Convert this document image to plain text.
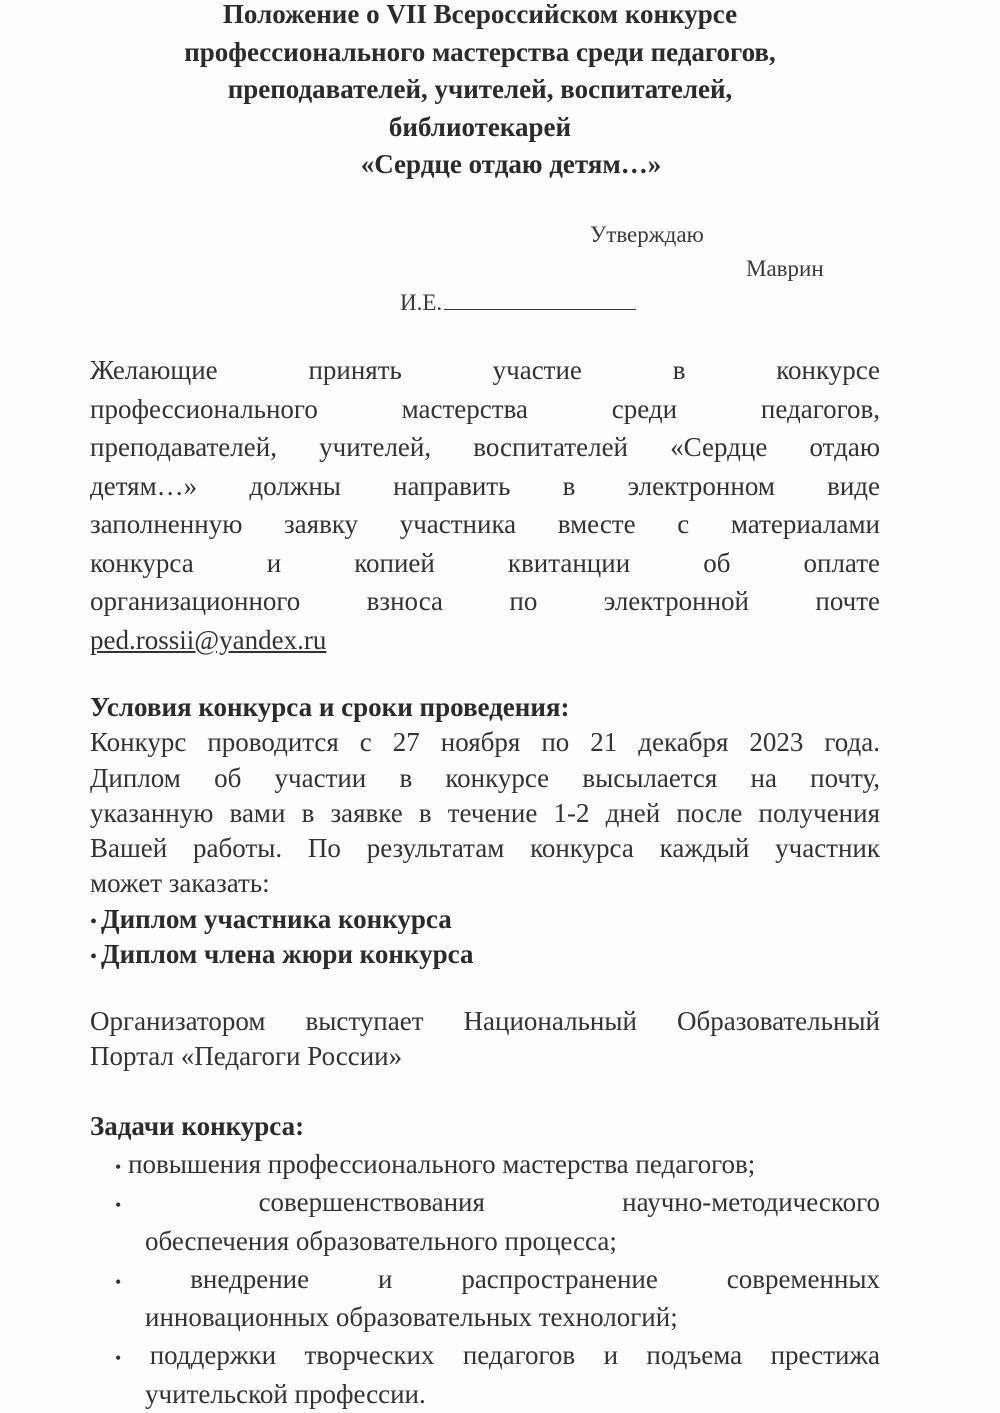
Положение о VII Всероссийском конкурсе
профессионального мастерства среди педагогов,
преподавателей, учителей, воспитателей,
библиотекарей
«Сердце отдаю детям…»
Утверждаю
Маврин
И.Е.
Желающие принять участие в конкурсе
профессионального мастерства среди педагогов,
преподавателей, учителей, воспитателей «Сердце отдаю
детям…» должны направить в электронном виде
заполненную заявку участника вместе с материалами
конкурса и копией квитанции об оплате
организационного взноса по электронной почте
ped.rossii@yandex.ru
Условия конкурса и сроки проведения:
Конкурс проводится с 27 ноября по 21 декабря 2023 года.
Диплом об участии в конкурсе высылается на почту,
указанную вами в заявке в течение 1-2 дней после получения
Вашей работы. По результатам конкурса каждый участник
может заказать:
• Диплом участника конкурса
• Диплом члена жюри конкурса
Организатором выступает Национальный Образовательный
Портал «Педагоги России»
Задачи конкурса:
• повышения профессионального мастерства педагогов;
•	совершенствования	научно-методического
обеспечения образовательного процесса;
•	внедрение	и	распространение	современных
инновационных образовательных технологий;
• поддержки творческих педагогов и подъема престижа
учительской профессии.
